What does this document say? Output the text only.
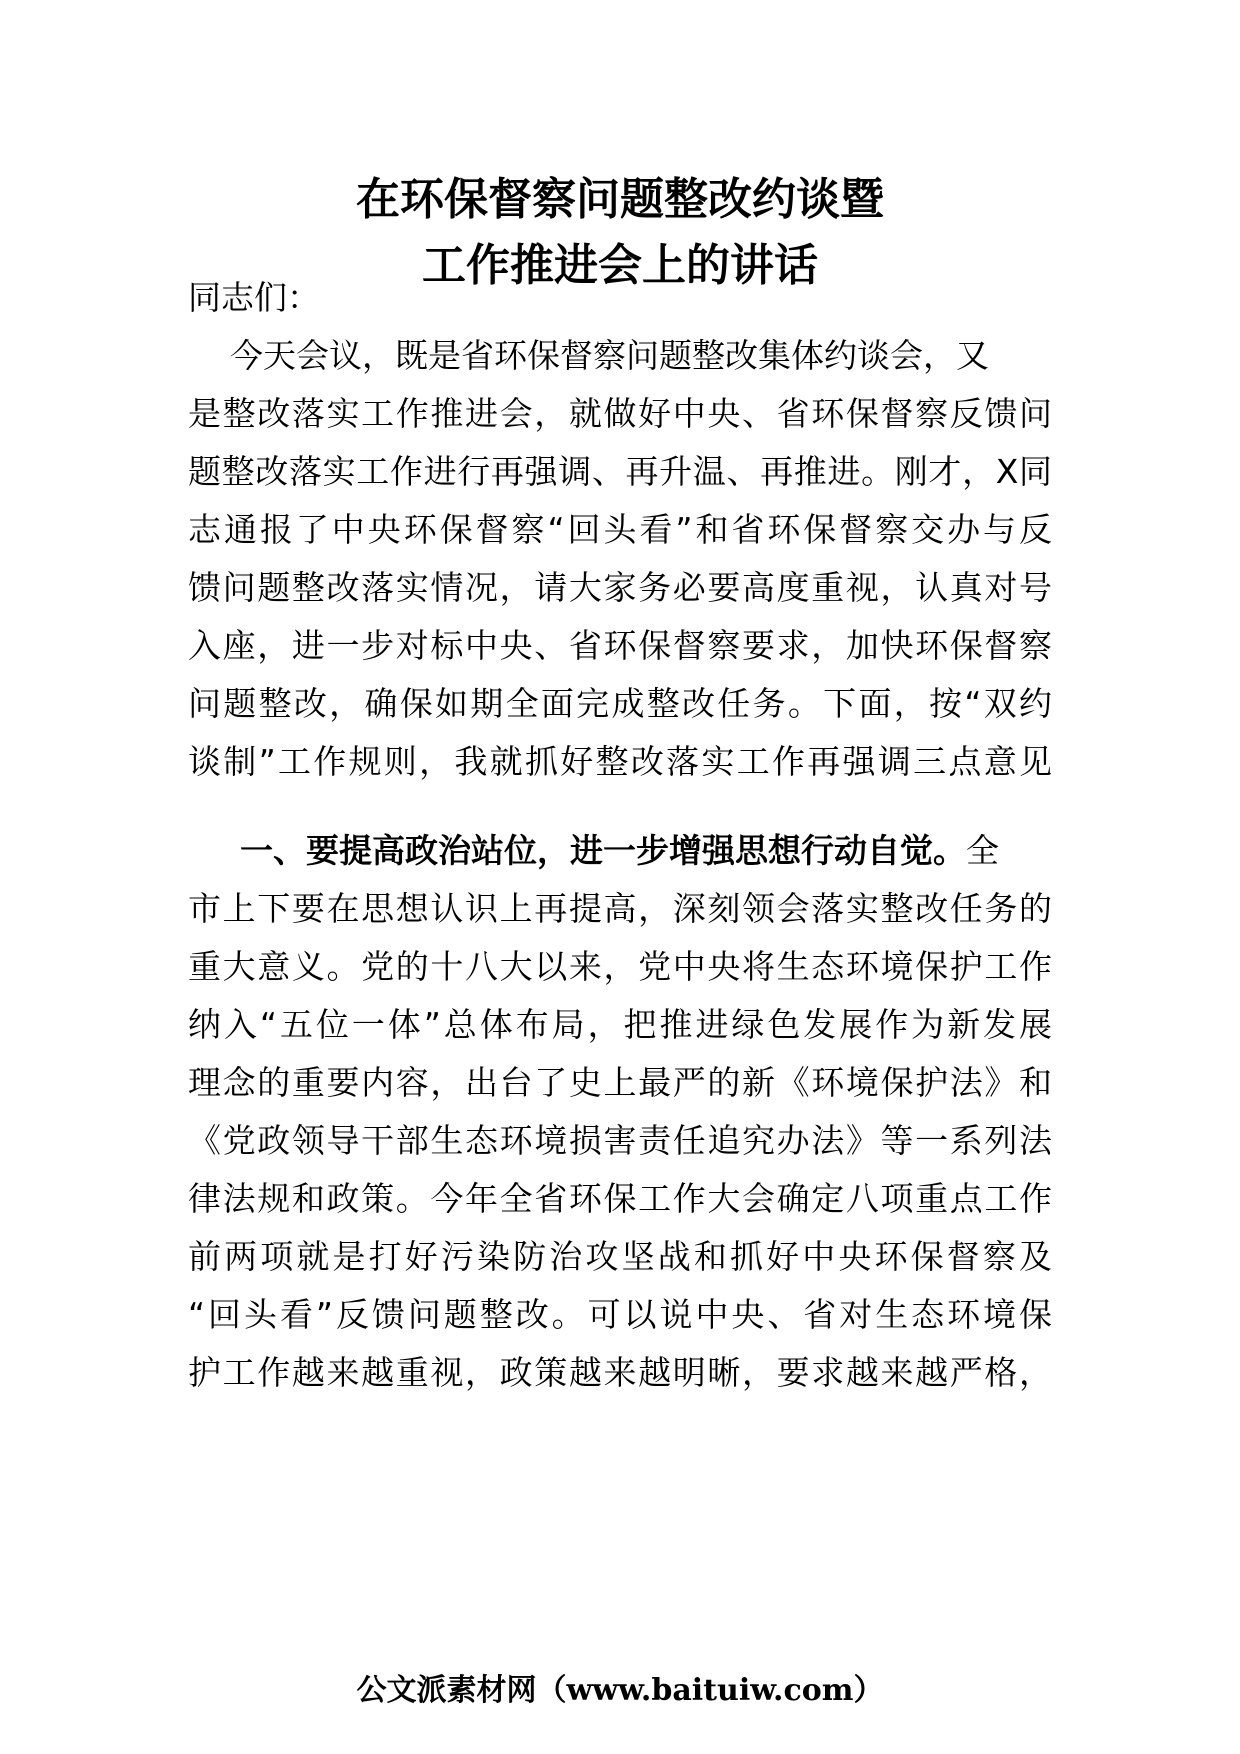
在环保督察问题整改约谈暨
工作推进会上的讲话
同志们：
今天会议，既是省环保督察问题整改集体约谈会，又
是整改落实工作推进会，就做好中央、省环保督察反馈问
题整改落实工作进行再强调、再升温、再推进。刚才，X同
志通报了中央环保督察“回头看”和省环保督察交办与反
馈问题整改落实情况，请大家务必要高度重视，认真对号
入座，进一步对标中央、省环保督察要求，加快环保督察
问题整改，确保如期全面完成整改任务。下面，按“双约
谈制”工作规则，我就抓好整改落实工作再强调三点意见
一、要提高政治站位，进一步增强思想行动自觉。全
市上下要在思想认识上再提高，深刻领会落实整改任务的
重大意义。党的十八大以来，党中央将生态环境保护工作
纳入“五位一体”总体布局，把推进绿色发展作为新发展
理念的重要内容，出台了史上最严的新《环境保护法》和
《党政领导干部生态环境损害责任追究办法》等一系列法
律法规和政策。今年全省环保工作大会确定八项重点工作
前两项就是打好污染防治攻坚战和抓好中央环保督察及
“回头看”反馈问题整改。可以说中央、省对生态环境保
护工作越来越重视，政策越来越明晰，要求越来越严格，
公文派素材网（www.baituiw.com）
